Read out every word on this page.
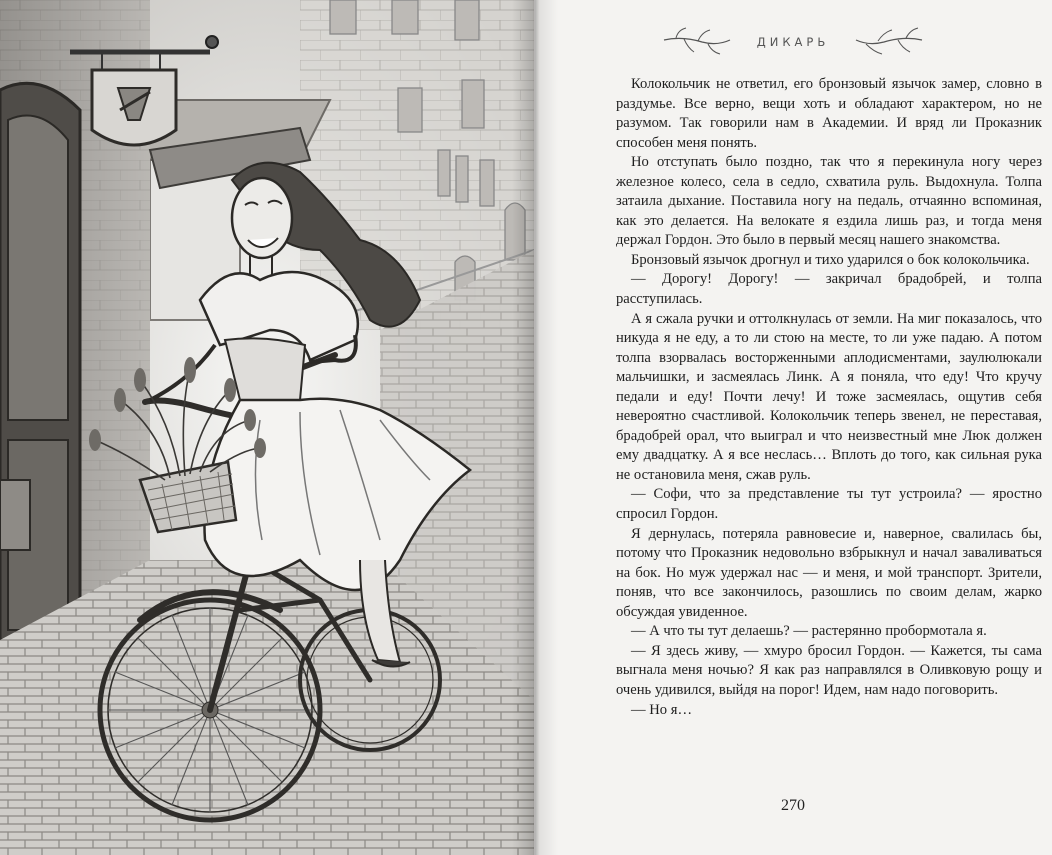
ДИКАРЬ

Колокольчик не ответил, его бронзовый язычок замер, словно в раздумье. Все верно, вещи хоть и обладают характером, но не разумом. Так говорили нам в Академии. И вряд ли Проказник способен меня понять.

Но отступать было поздно, так что я перекинула ногу через железное колесо, села в седло, схватила руль. Выдохнула. Толпа затаила дыхание. Поставила ногу на педаль, отчаянно вспоминая, как это делается. На велокате я ездила лишь раз, и тогда меня держал Гордон. Это было в первый месяц нашего знакомства.

Бронзовый язычок дрогнул и тихо ударился о бок колокольчика.

— Дорогу! Дорогу! — закричал брадобрей, и толпа расступилась.

А я сжала ручки и оттолкнулась от земли. На миг показалось, что никуда я не еду, а то ли стою на месте, то ли уже падаю. А потом толпа взорвалась восторженными аплодисментами, заулюлюкали мальчишки, и засмеялась Линк. А я поняла, что еду! Что кручу педали и еду! Почти лечу! И тоже засмеялась, ощутив себя невероятно счастливой. Колокольчик теперь звенел, не переставая, брадобрей орал, что выиграл и что неизвестный мне Люк должен ему двадцатку. А я все неслась… Вплоть до того, как сильная рука не остановила меня, сжав руль.

— Софи, что за представление ты тут устроила? — яростно спросил Гордон.

Я дернулась, потеряла равновесие и, наверное, свалилась бы, потому что Проказник недовольно взбрыкнул и начал заваливаться на бок. Но муж удержал нас — и меня, и мой транспорт. Зрители, поняв, что все закончилось, разошлись по своим делам, жарко обсуждая увиденное.

— А что ты тут делаешь? — растерянно пробормотала я.

— Я здесь живу, — хмуро бросил Гордон. — Кажется, ты сама выгнала меня ночью? Я как раз направлялся в Оливковую рощу и очень удивился, выйдя на порог! Идем, нам надо поговорить.

— Но я…

270
